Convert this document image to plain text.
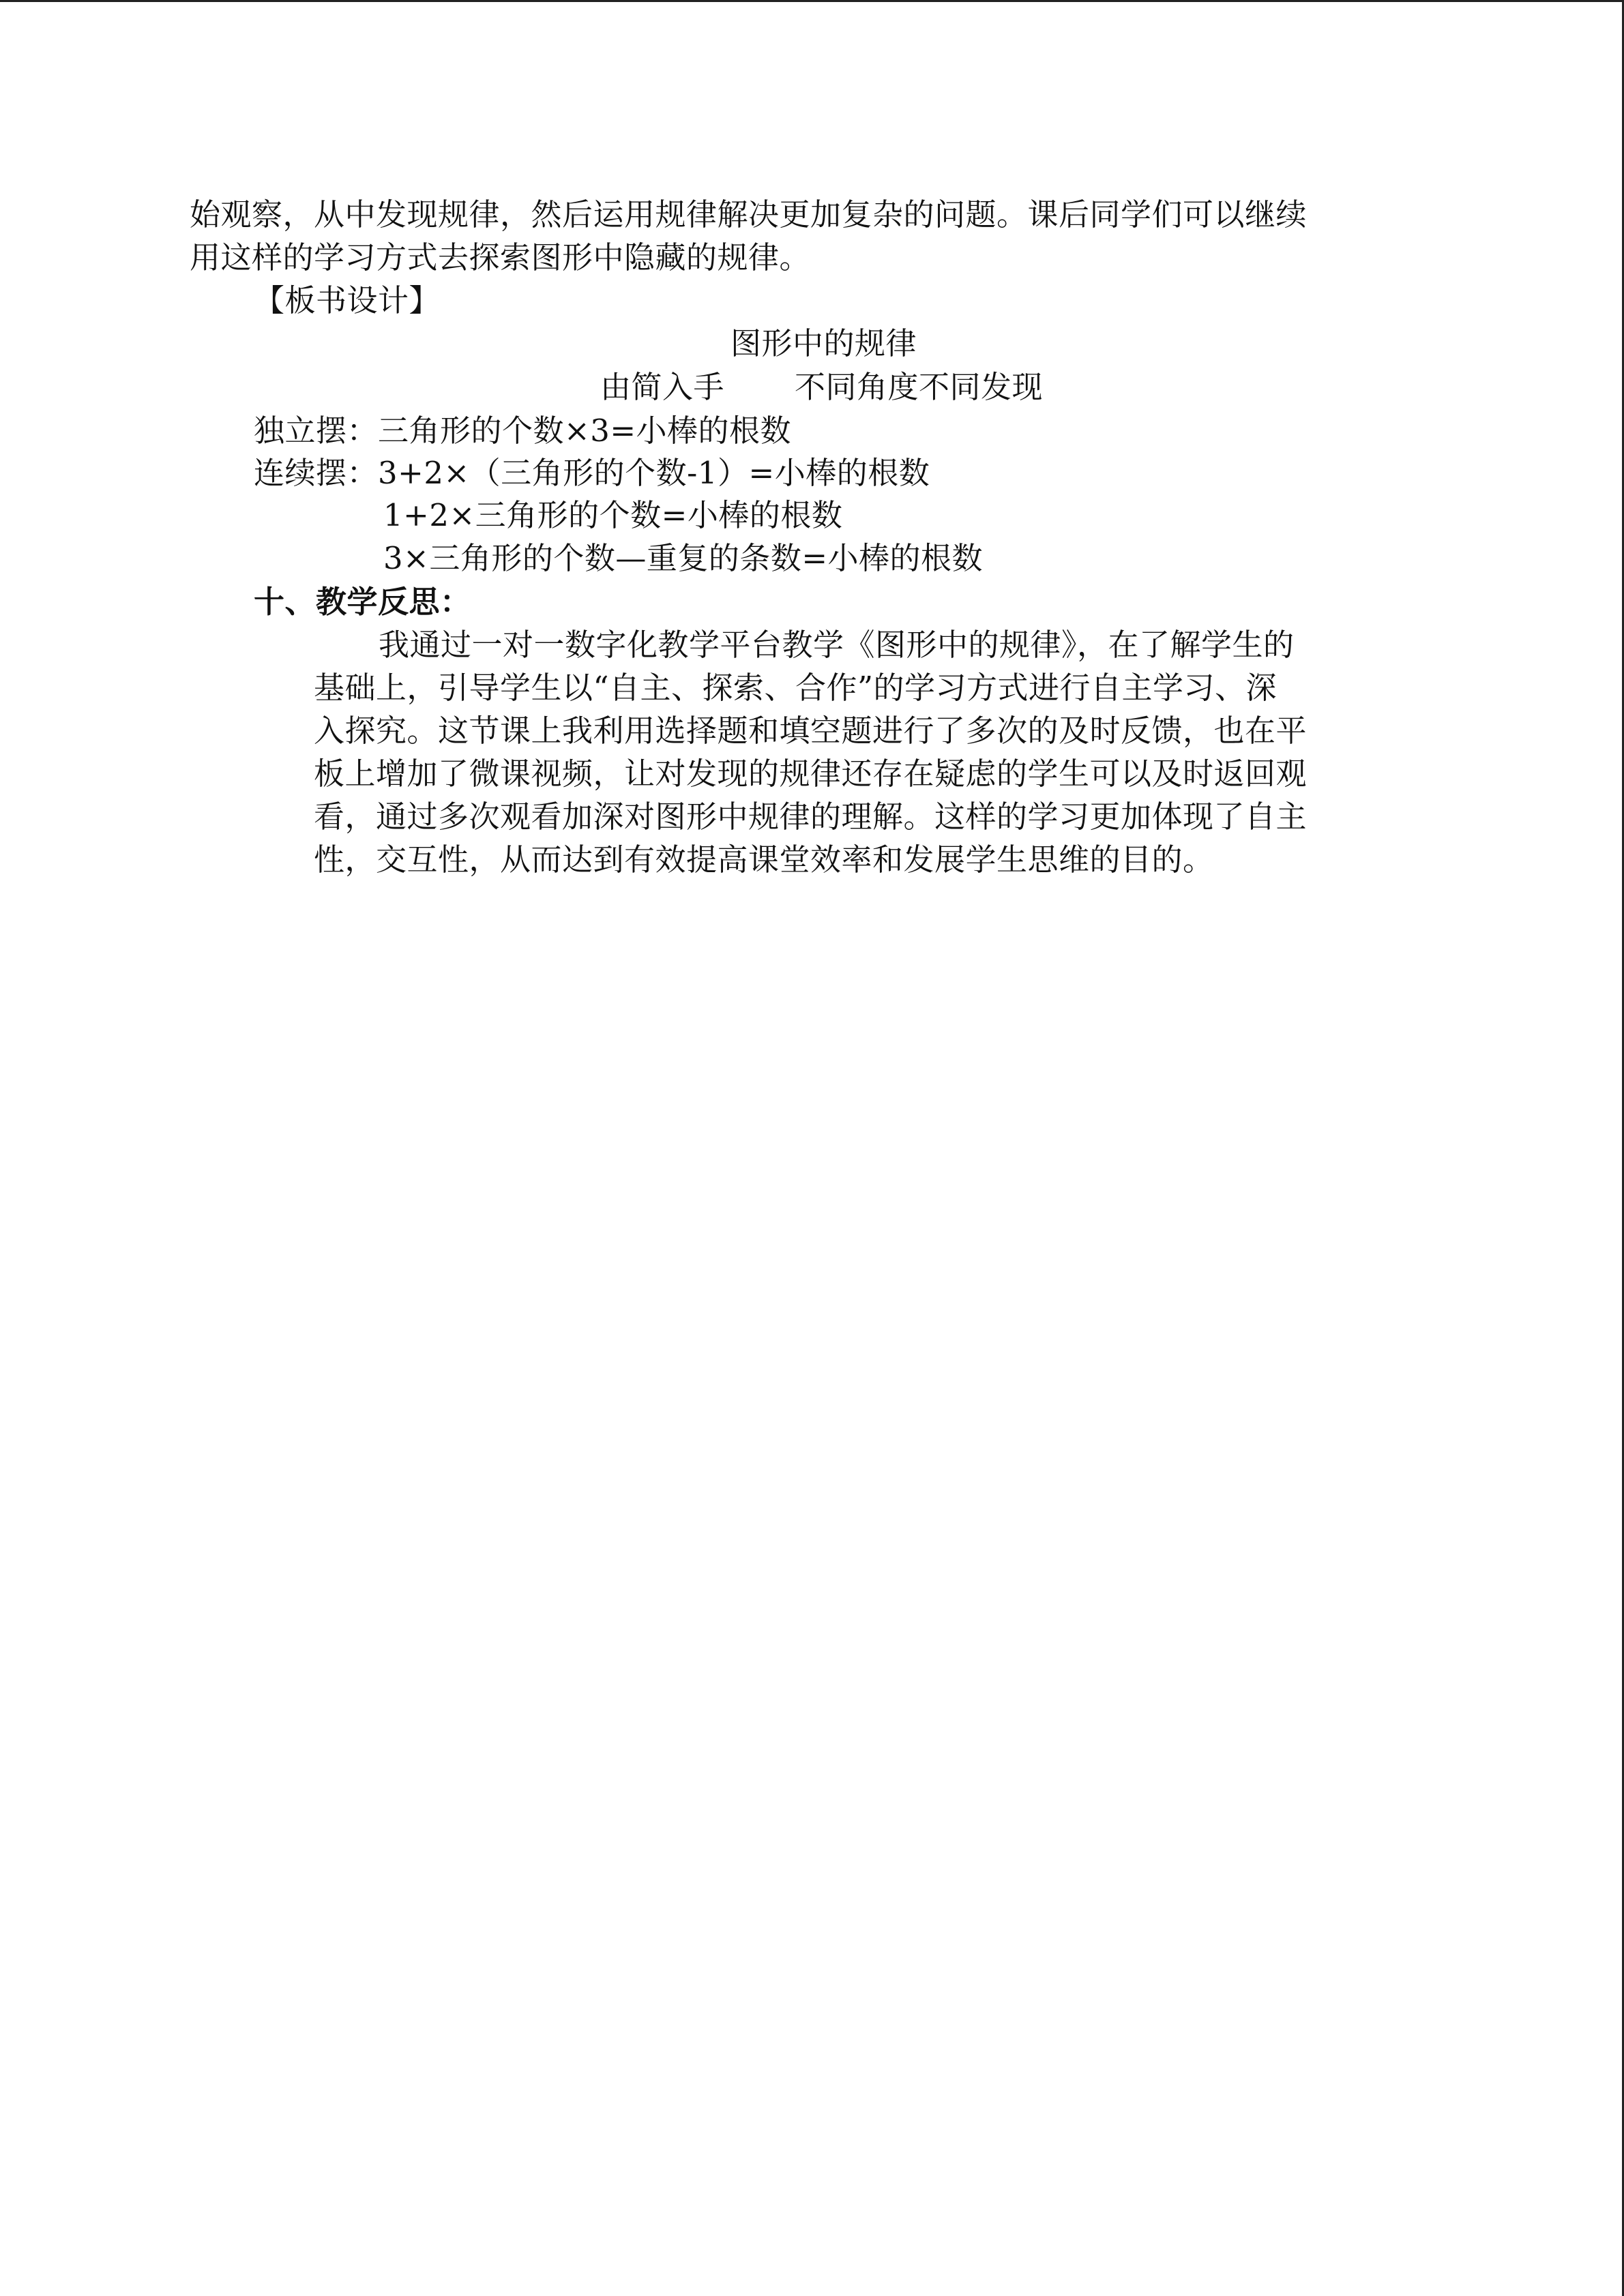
始观察，从中发现规律，然后运用规律解决更加复杂的问题。课后同学们可以继续
用这样的学习方式去探索图形中隐藏的规律。
【板书设计】
图形中的规律
由简入手 不同角度不同发现
独立摆：三角形的个数×3=小棒的根数
连续摆：3+2×（三角形的个数-1）=小棒的根数
1+2×三角形的个数=小棒的根数
3×三角形的个数—重复的条数=小棒的根数
十、教学反思：
我通过一对一数字化教学平台教学《图形中的规律》，在了解学生的
基础上，引导学生以“自主、探索、合作”的学习方式进行自主学习、深
入探究。这节课上我利用选择题和填空题进行了多次的及时反馈，也在平
板上增加了微课视频，让对发现的规律还存在疑虑的学生可以及时返回观
看，通过多次观看加深对图形中规律的理解。这样的学习更加体现了自主
性，交互性，从而达到有效提高课堂效率和发展学生思维的目的。
